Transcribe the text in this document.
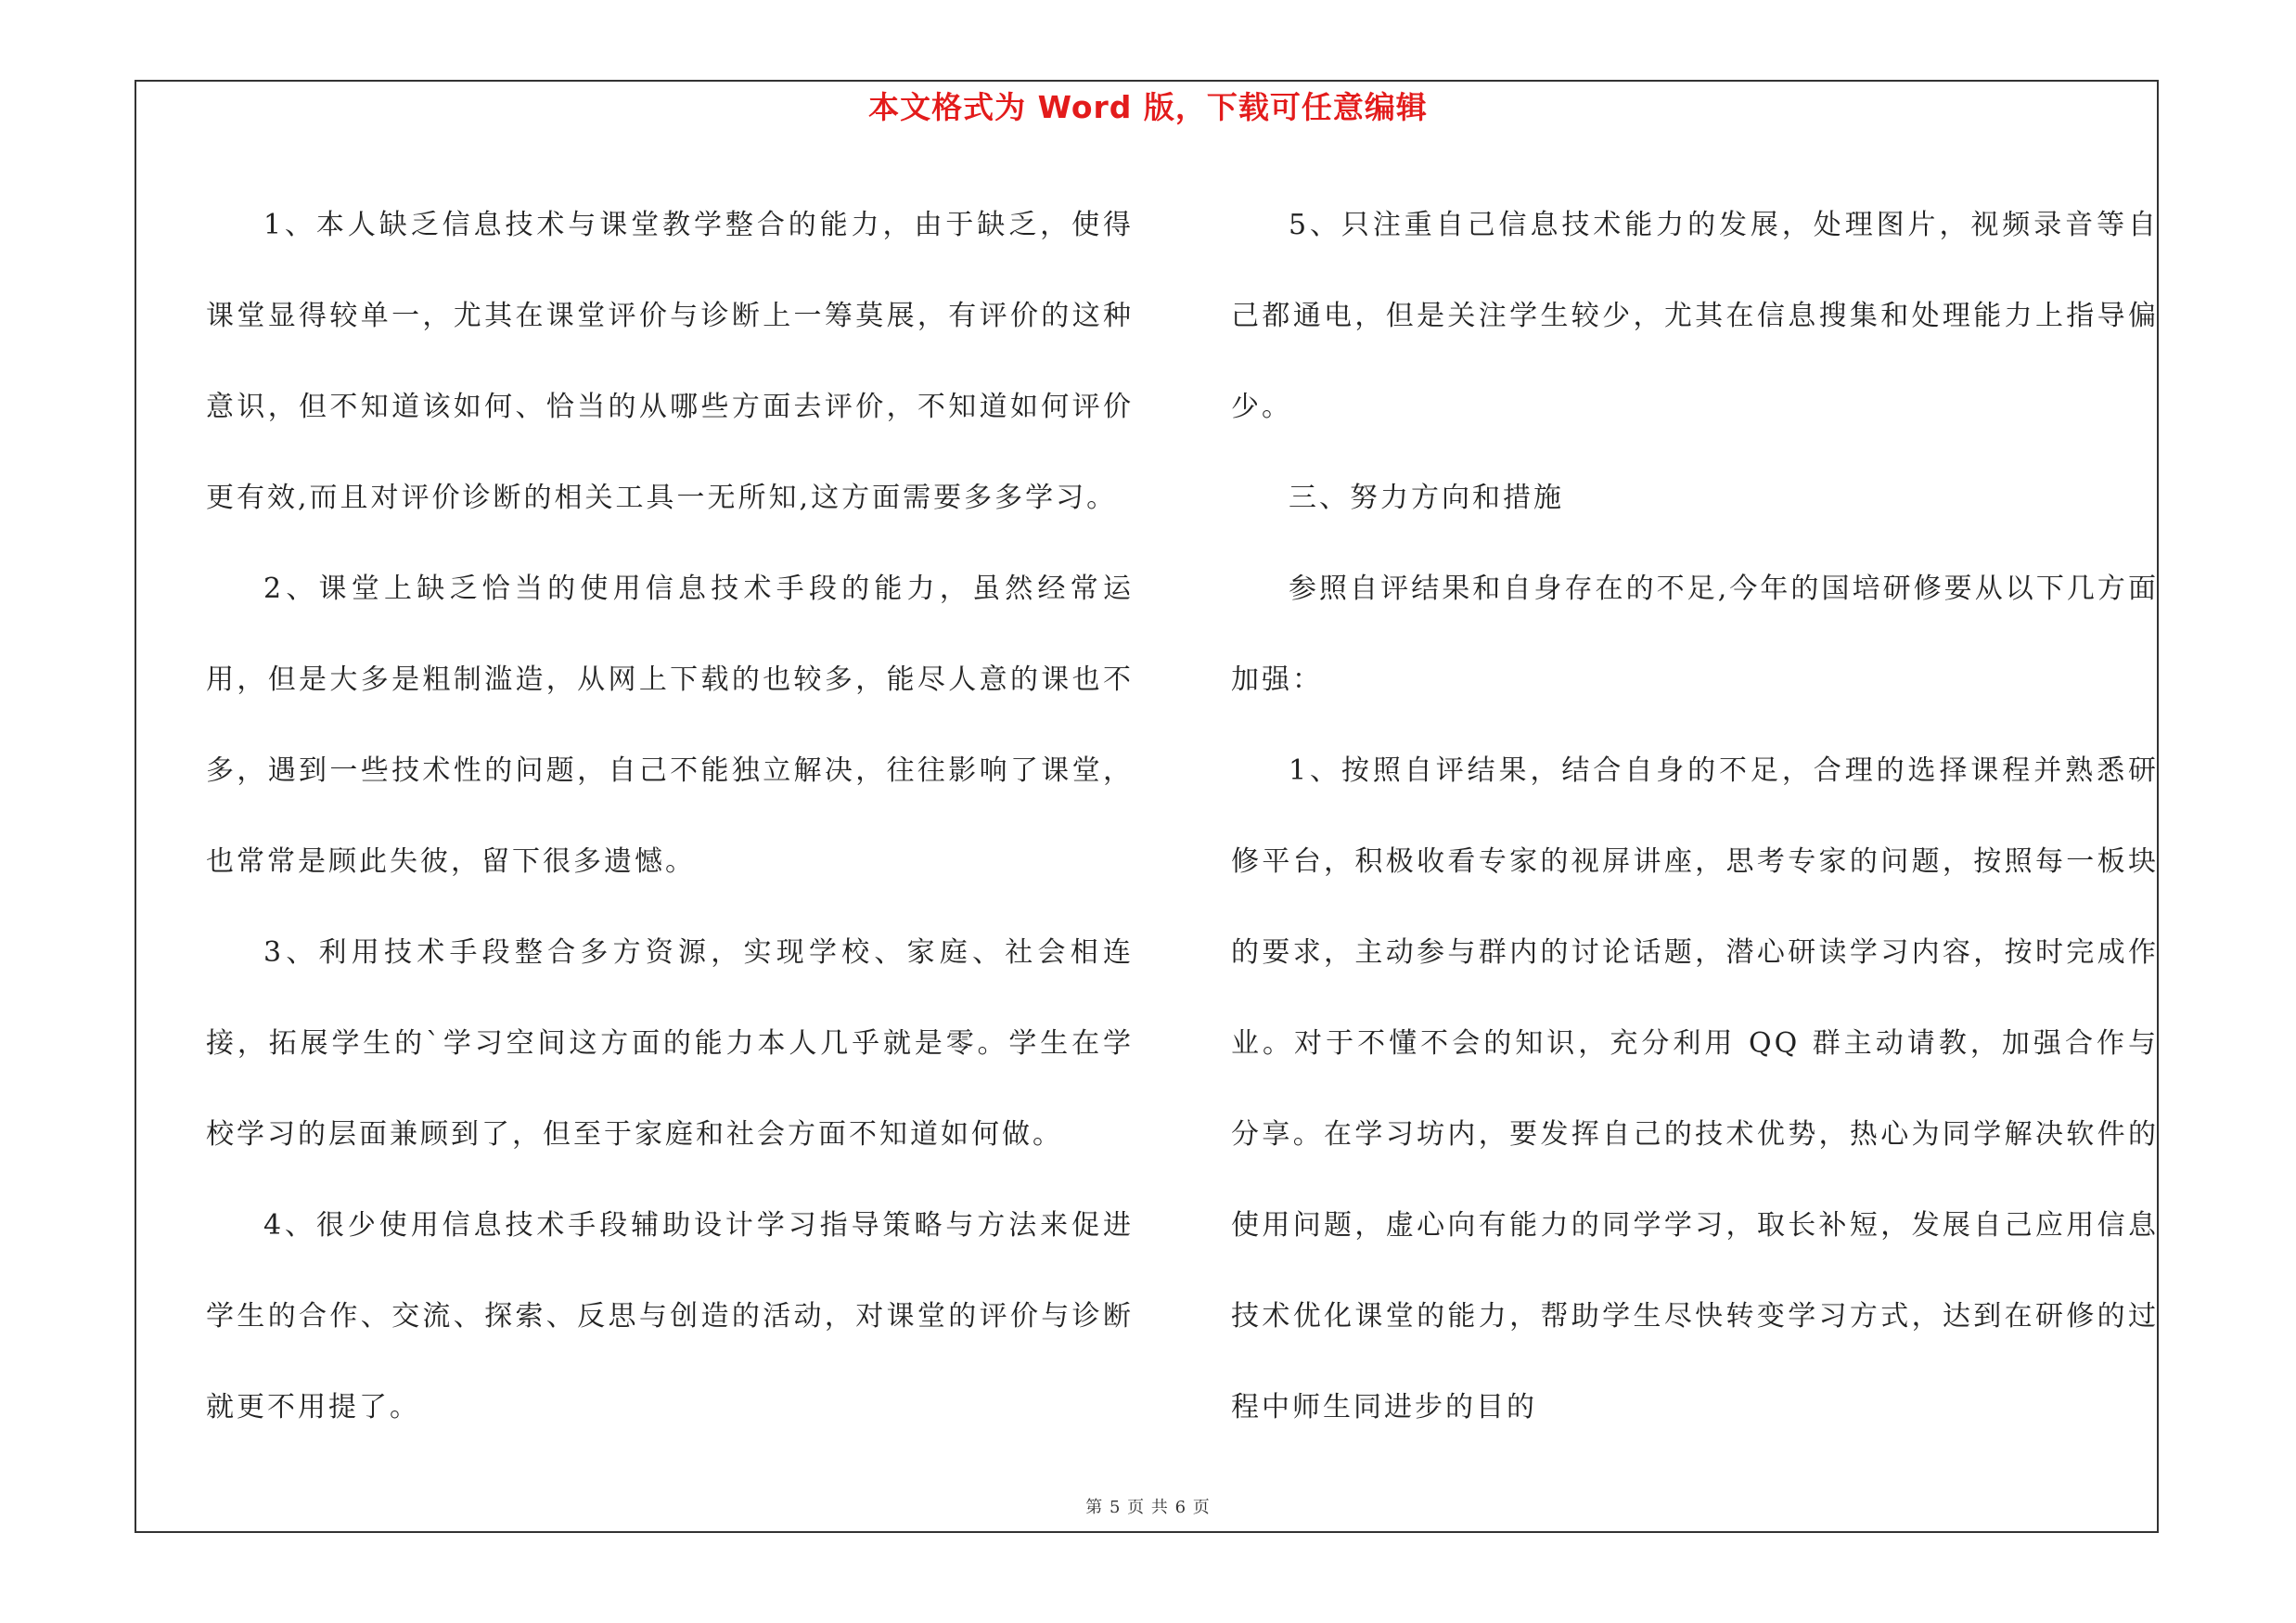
本文格式为 Word 版，下载可任意编辑

1、本人缺乏信息技术与课堂教学整合的能力，由于缺乏，使得课堂显得较单一，尤其在课堂评价与诊断上一筹莫展，有评价的这种意识，但不知道该如何、恰当的从哪些方面去评价，不知道如何评价更有效,而且对评价诊断的相关工具一无所知,这方面需要多多学习。

2、课堂上缺乏恰当的使用信息技术手段的能力，虽然经常运用，但是大多是粗制滥造，从网上下载的也较多，能尽人意的课也不多，遇到一些技术性的问题，自己不能独立解决，往往影响了课堂，也常常是顾此失彼，留下很多遗憾。

3、利用技术手段整合多方资源，实现学校、家庭、社会相连接，拓展学生的`学习空间这方面的能力本人几乎就是零。学生在学校学习的层面兼顾到了，但至于家庭和社会方面不知道如何做。

4、很少使用信息技术手段辅助设计学习指导策略与方法来促进学生的合作、交流、探索、反思与创造的活动，对课堂的评价与诊断就更不用提了。

5、只注重自己信息技术能力的发展，处理图片，视频录音等自己都通电，但是关注学生较少，尤其在信息搜集和处理能力上指导偏少。

三、努力方向和措施

参照自评结果和自身存在的不足,今年的国培研修要从以下几方面加强：

1、按照自评结果，结合自身的不足，合理的选择课程并熟悉研修平台，积极收看专家的视屏讲座，思考专家的问题，按照每一板块的要求，主动参与群内的讨论话题，潜心研读学习内容，按时完成作业。对于不懂不会的知识，充分利用 QQ 群主动请教，加强合作与分享。在学习坊内，要发挥自己的技术优势，热心为同学解决软件的使用问题，虚心向有能力的同学学习，取长补短，发展自己应用信息技术优化课堂的能力，帮助学生尽快转变学习方式，达到在研修的过程中师生同进步的目的

第 5 页 共 6 页
